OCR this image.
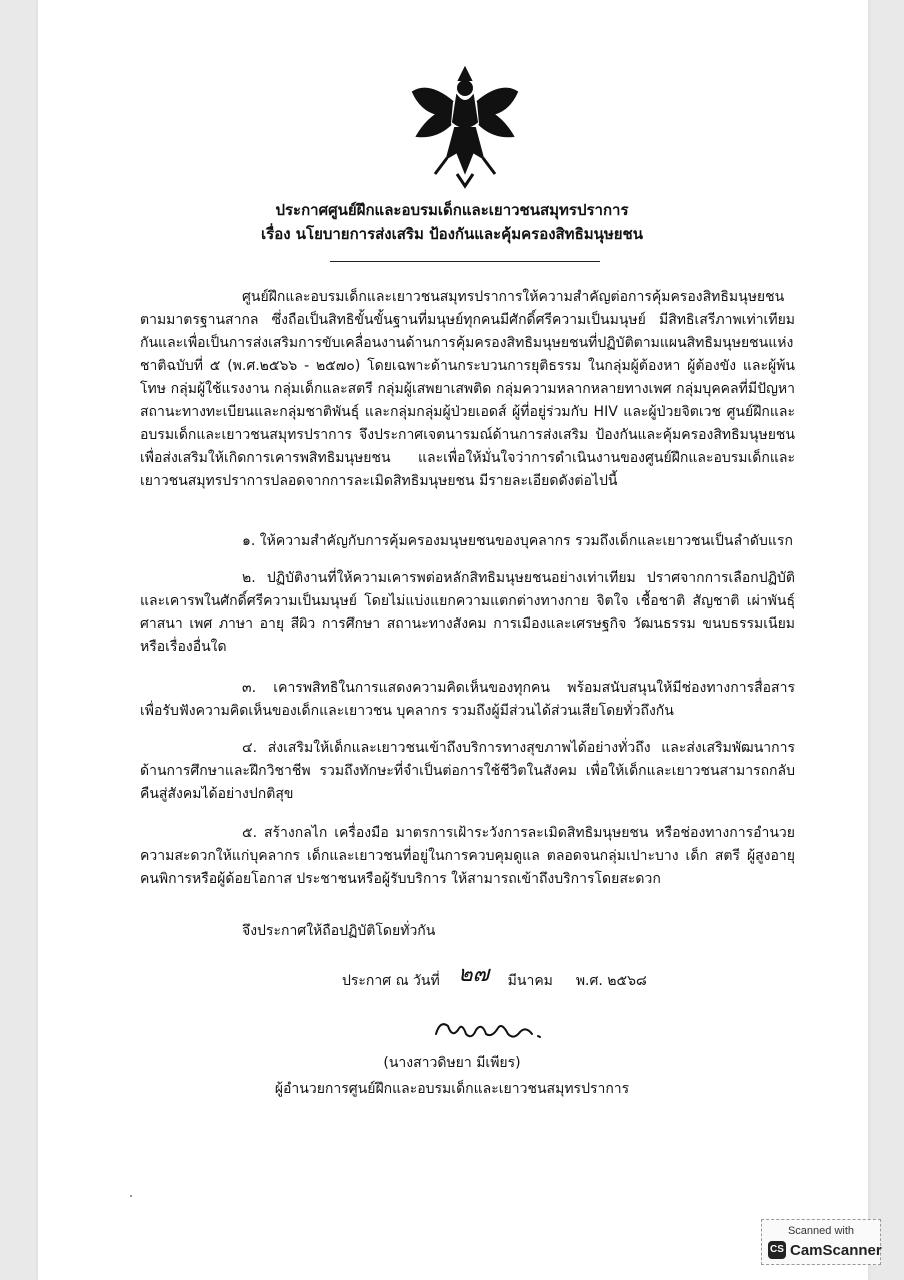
ประกาศศูนย์ฝึกและอบรมเด็กและเยาวชนสมุทรปราการ
เรื่อง นโยบายการส่งเสริม ป้องกันและคุ้มครองสิทธิมนุษยชน
ศูนย์ฝึกและอบรมเด็กและเยาวชนสมุทรปราการให้ความสำคัญต่อการคุ้มครองสิทธิมนุษยชนตามมาตรฐานสากล ซึ่งถือเป็นสิทธิขั้นขั้นฐานที่มนุษย์ทุกคนมีศักดิ์ศรีความเป็นมนุษย์ มีสิทธิเสรีภาพเท่าเทียมกันและเพื่อเป็นการส่งเสริมการขับเคลื่อนงานด้านการคุ้มครองสิทธิมนุษยชนที่ปฏิบัติตามแผนสิทธิมนุษยชนแห่งชาติฉบับที่ ๕ (พ.ศ.๒๕๖๖ - ๒๕๗๐) โดยเฉพาะด้านกระบวนการยุติธรรม ในกลุ่มผู้ต้องหา ผู้ต้องขัง และผู้พ้นโทษ กลุ่มผู้ใช้แรงงาน กลุ่มเด็กและสตรี กลุ่มผู้เสพยาเสพติด กลุ่มความหลากหลายทางเพศ กลุ่มบุคคลที่มีปัญหาสถานะทางทะเบียนและกลุ่มชาติพันธุ์ และกลุ่มกลุ่มผู้ป่วยเอดส์ ผู้ที่อยู่ร่วมกับ HIV และผู้ป่วยจิตเวช ศูนย์ฝึกและอบรมเด็กและเยาวชนสมุทรปราการ จึงประกาศเจตนารมณ์ด้านการส่งเสริม ป้องกันและคุ้มครองสิทธิมนุษยชน เพื่อส่งเสริมให้เกิดการเคารพสิทธิมนุษยชน และเพื่อให้มั่นใจว่าการดำเนินงานของศูนย์ฝึกและอบรมเด็กและเยาวชนสมุทรปราการปลอดจากการละเมิดสิทธิมนุษยชน มีรายละเอียดดังต่อไปนี้
๑. ให้ความสำคัญกับการคุ้มครองมนุษยชนของบุคลากร รวมถึงเด็กและเยาวชนเป็นลำดับแรก
๒. ปฏิบัติงานที่ให้ความเคารพต่อหลักสิทธิมนุษยชนอย่างเท่าเทียม ปราศจากการเลือกปฏิบัติและเคารพในศักดิ์ศรีความเป็นมนุษย์ โดยไม่แบ่งแยกความแตกต่างทางกาย จิตใจ เชื้อชาติ สัญชาติ เผ่าพันธุ์ศาสนา เพศ ภาษา อายุ สีผิว การศึกษา สถานะทางสังคม การเมืองและเศรษฐกิจ วัฒนธรรม ขนบธรรมเนียมหรือเรื่องอื่นใด
๓. เคารพสิทธิในการแสดงความคิดเห็นของทุกคน พร้อมสนับสนุนให้มีช่องทางการสื่อสาร เพื่อรับฟังความคิดเห็นของเด็กและเยาวชน บุคลากร รวมถึงผู้มีส่วนได้ส่วนเสียโดยทั่วถึงกัน
๔. ส่งเสริมให้เด็กและเยาวชนเข้าถึงบริการทางสุขภาพได้อย่างทั่วถึง และส่งเสริมพัฒนาการด้านการศึกษาและฝึกวิชาชีพ รวมถึงทักษะที่จำเป็นต่อการใช้ชีวิตในสังคม เพื่อให้เด็กและเยาวชนสามารถกลับคืนสู่สังคมได้อย่างปกติสุข
๕. สร้างกลไก เครื่องมือ มาตรการเฝ้าระวังการละเมิดสิทธิมนุษยชน หรือช่องทางการอำนวยความสะดวกให้แก่บุคลากร เด็กและเยาวชนที่อยู่ในการควบคุมดูแล ตลอดจนกลุ่มเปาะบาง เด็ก สตรี ผู้สูงอายุคนพิการหรือผู้ด้อยโอกาส ประชาชนหรือผู้รับบริการ ให้สามารถเข้าถึงบริการโดยสะดวก
จึงประกาศให้ถือปฏิบัติโดยทั่วกัน
ประกาศ ณ วันที่ ๒๗ มีนาคม พ.ศ. ๒๕๖๘
(นางสาวดิษยา มีเพียร)
ผู้อำนวยการศูนย์ฝึกและอบรมเด็กและเยาวชนสมุทรปราการ
Scanned with
CS CamScanner
